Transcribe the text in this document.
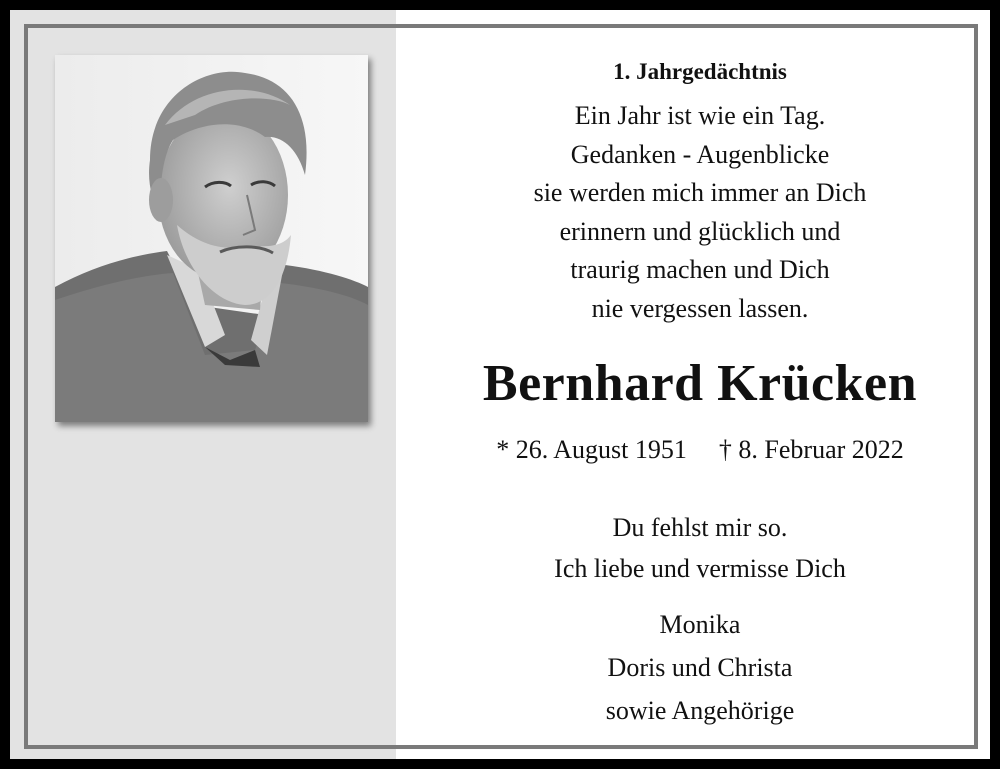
1. Jahrgedächtnis
Ein Jahr ist wie ein Tag.
Gedanken - Augenblicke
sie werden mich immer an Dich
erinnern und glücklich und
traurig machen und Dich
nie vergessen lassen.
Bernhard Krücken
* 26. August 1951 † 8. Februar 2022
Du fehlst mir so.
Ich liebe und vermisse Dich
Monika
Doris und Christa
sowie Angehörige
